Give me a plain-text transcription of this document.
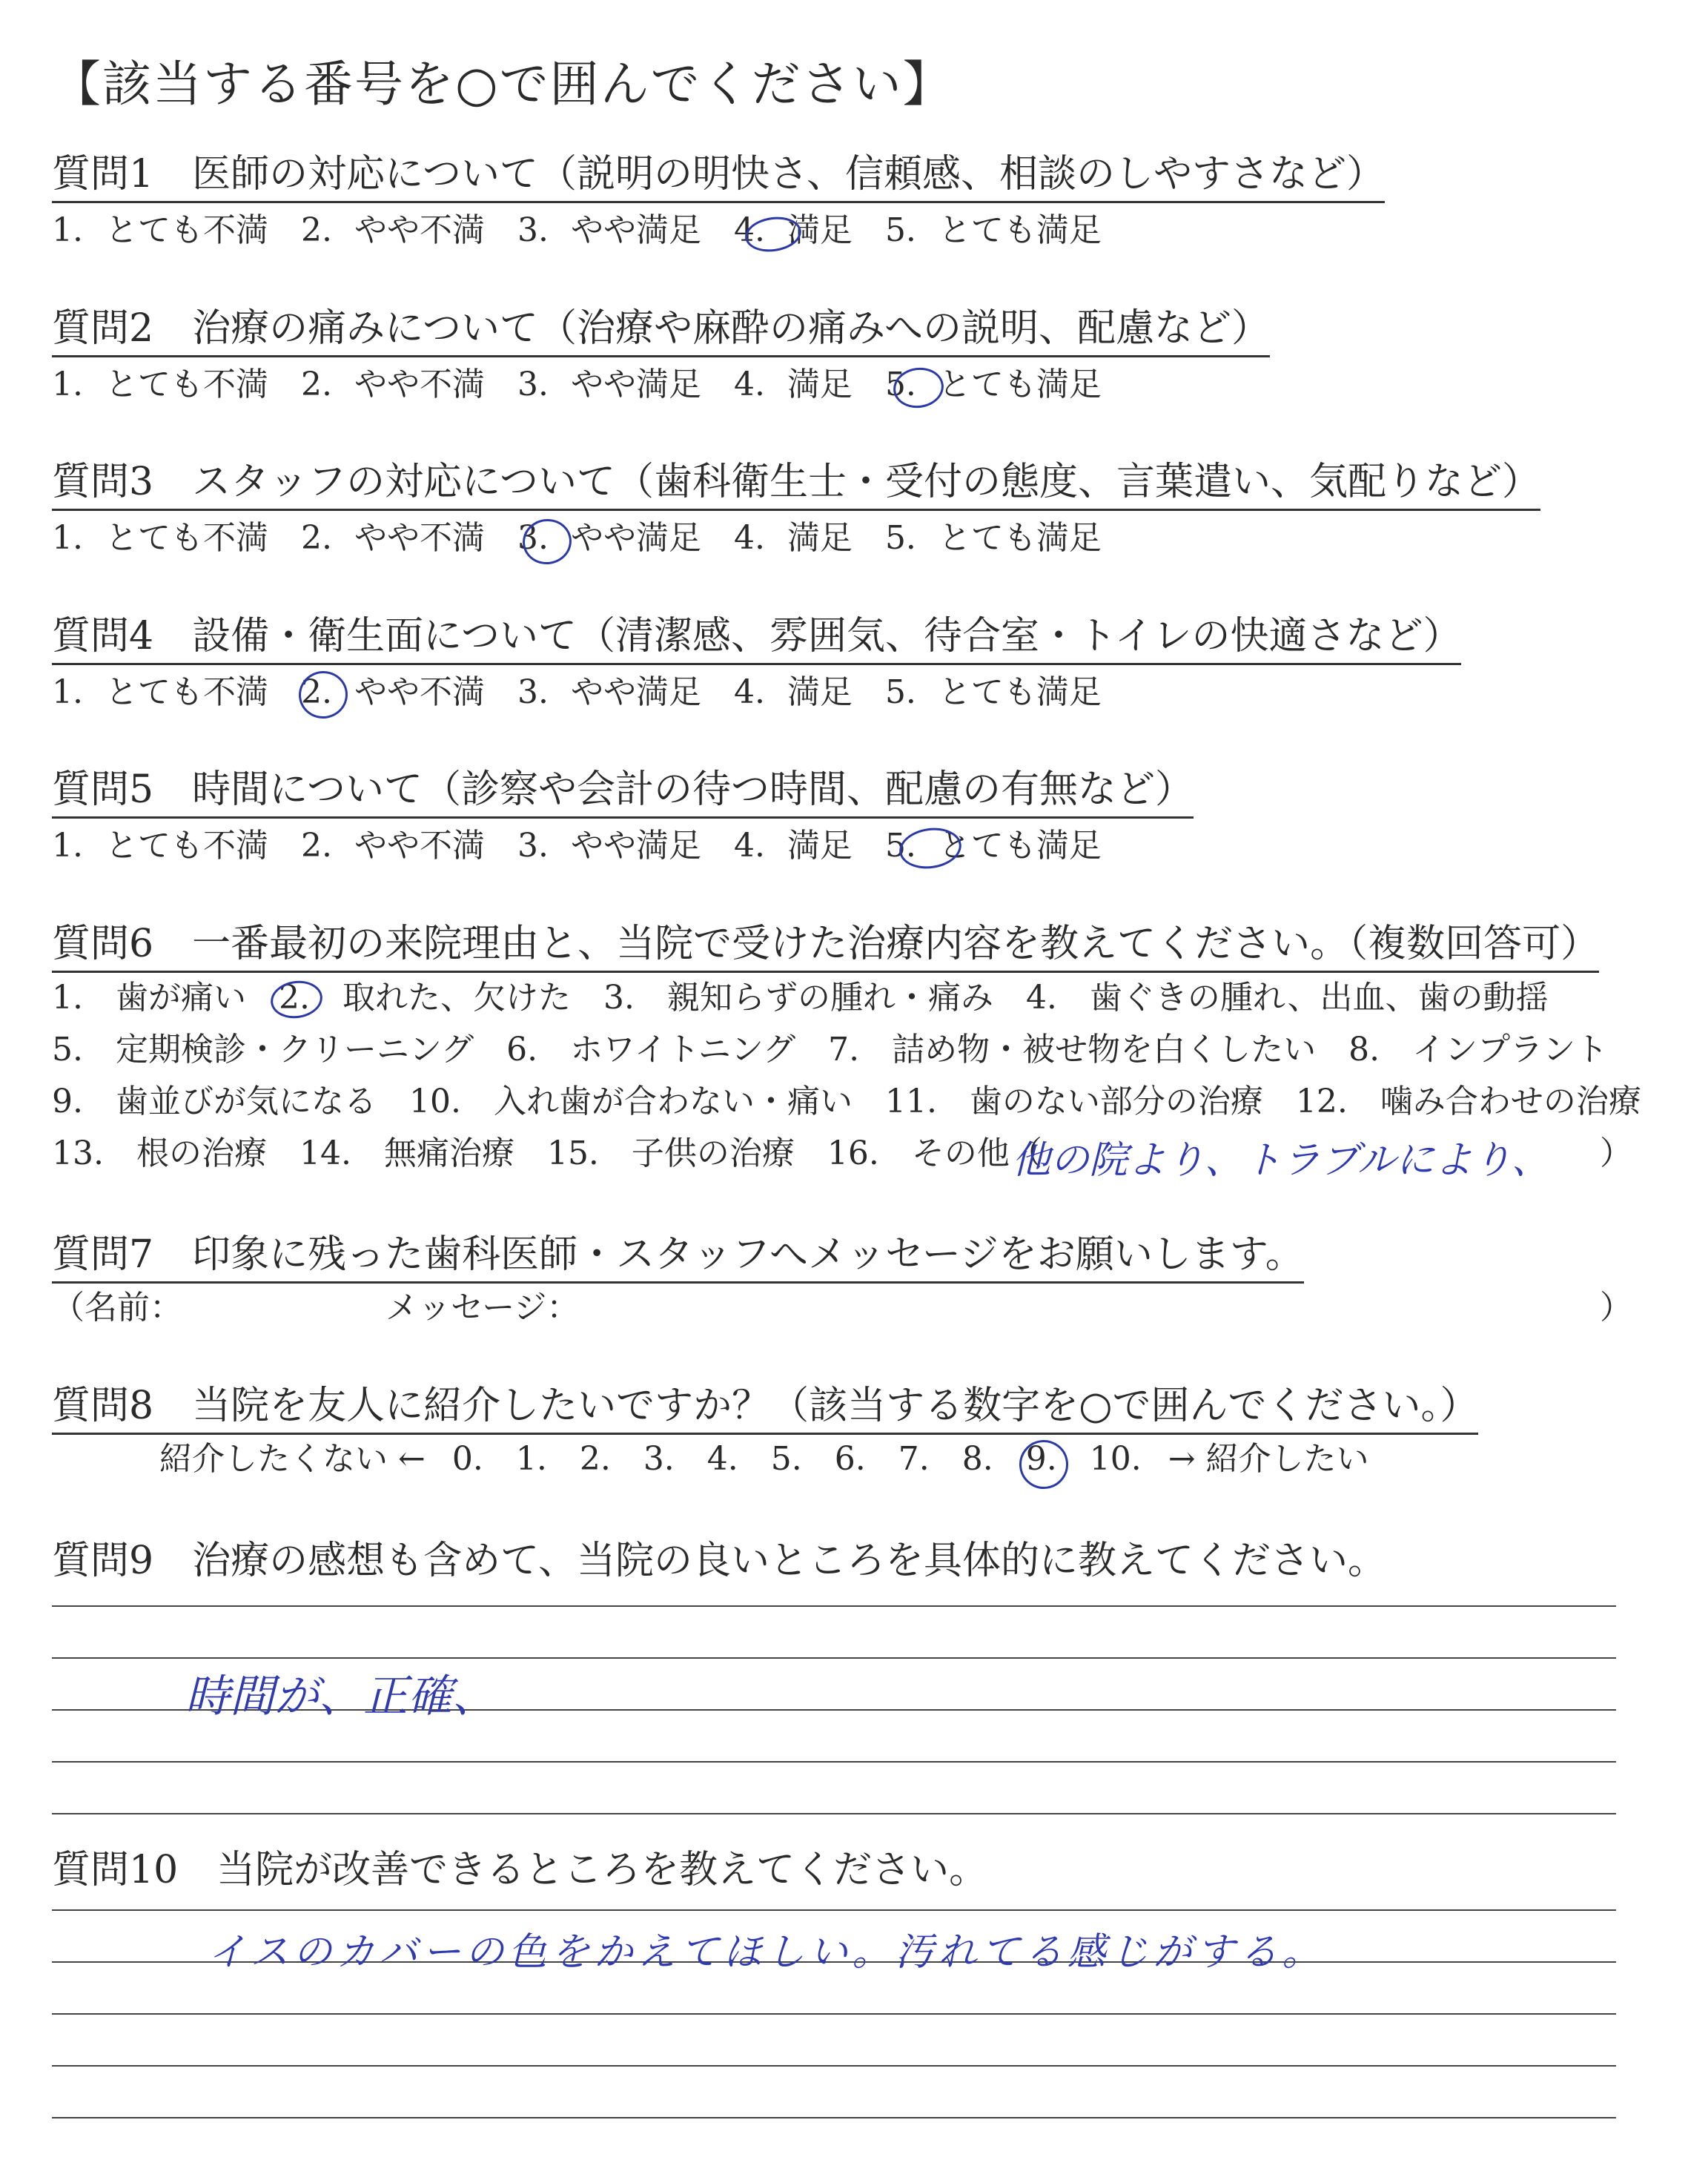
【該当する番号を○で囲んでください】
質問1　医師の対応について（説明の明快さ、信頼感、相談のしやすさなど）
1. とても不満 2. やや不満 3. やや満足 4. 満足 5. とても満足
質問2　治療の痛みについて（治療や麻酔の痛みへの説明、配慮など）
1. とても不満 2. やや不満 3. やや満足 4. 満足 5. とても満足
質問3　スタッフの対応について（歯科衛生士・受付の態度、言葉遣い、気配りなど）
1. とても不満 2. やや不満 3. やや満足 4. 満足 5. とても満足
質問4　設備・衛生面について（清潔感、雰囲気、待合室・トイレの快適さなど）
1. とても不満 2. やや不満 3. やや満足 4. 満足 5. とても満足
質問5　時間について（診察や会計の待つ時間、配慮の有無など）
1. とても不満 2. やや不満 3. やや満足 4. 満足 5. とても満足
質問6　一番最初の来院理由と、当院で受けた治療内容を教えてください。（複数回答可）
1.　歯が痛い　2.　取れた、欠けた　3.　親知らずの腫れ・痛み　4.　歯ぐきの腫れ、出血、歯の動揺
5.　定期検診・クリーニング　6.　ホワイトニング　7.　詰め物・被せ物を白くしたい　8.　インプラント
9.　歯並びが気になる　10.　入れ歯が合わない・痛い　11.　歯のない部分の治療　12.　噛み合わせの治療
13.　根の治療　14.　無痛治療　15.　子供の治療　16.　その他（	）
他の院より、トラブルにより、
質問7　印象に残った歯科医師・スタッフへメッセージをお願いします。
（名前：	メッセージ：	）
質問8　当院を友人に紹介したいですか？（該当する数字を○で囲んでください。）
紹介したくない ← 0. 1. 2. 3. 4. 5. 6. 7. 8. 9. 10. → 紹介したい
質問9　治療の感想も含めて、当院の良いところを具体的に教えてください。
時間が、正確、
質問10　当院が改善できるところを教えてください。
イスのカバーの色をかえてほしい。汚れてる感じがする。
